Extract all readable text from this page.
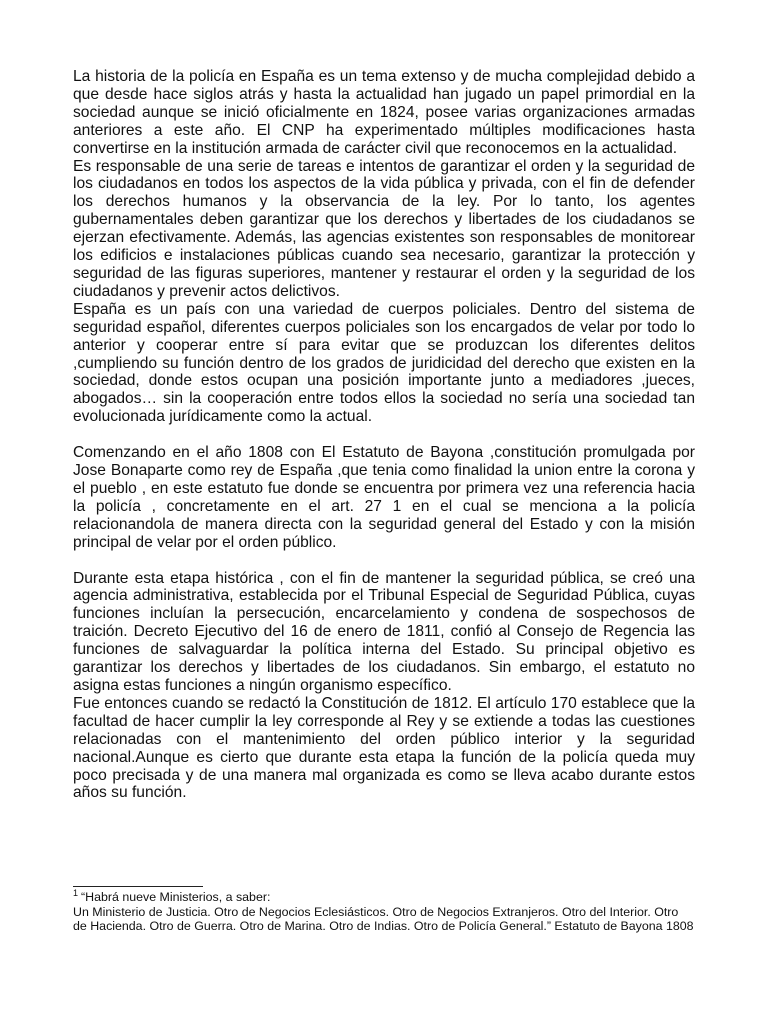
La historia de la policía en España es un tema extenso y de mucha complejidad debido a que desde hace siglos atrás y hasta la actualidad han jugado un papel primordial en la sociedad aunque se inició oficialmente en 1824, posee varias organizaciones armadas anteriores a este año. El CNP ha experimentado múltiples modificaciones hasta convertirse en la institución armada de carácter civil que reconocemos en la actualidad.

Es responsable de una serie de tareas e intentos de garantizar el orden y la seguridad de los ciudadanos en todos los aspectos de la vida pública y privada, con el fin de defender los derechos humanos y la observancia de la ley. Por lo tanto, los agentes gubernamentales deben garantizar que los derechos y libertades de los ciudadanos se ejerzan efectivamente. Además, las agencias existentes son responsables de monitorear los edificios e instalaciones públicas cuando sea necesario, garantizar la protección y seguridad de las figuras superiores, mantener y restaurar el orden y la seguridad de los ciudadanos y prevenir actos delictivos.

España es un país con una variedad de cuerpos policiales. Dentro del sistema de seguridad español, diferentes cuerpos policiales son los encargados de velar por todo lo anterior y cooperar entre sí para evitar que se produzcan los diferentes delitos ,cumpliendo su función dentro de los grados de juridicidad del derecho que existen en la sociedad, donde estos ocupan una posición importante junto a mediadores ,jueces, abogados… sin la cooperación entre todos ellos la sociedad no sería una sociedad tan evolucionada jurídicamente como la actual.

Comenzando en el año 1808 con El Estatuto de Bayona ,constitución promulgada por Jose Bonaparte como rey de España ,que tenia como finalidad la union entre la corona y el pueblo , en este estatuto fue donde se encuentra por primera vez una referencia hacia la policía , concretamente en el art. 27 1 en el cual se menciona a la policía relacionandola de manera directa con la seguridad general del Estado y con la misión principal de velar por el orden público.

Durante esta etapa histórica , con el fin de mantener la seguridad pública, se creó una agencia administrativa, establecida por el Tribunal Especial de Seguridad Pública, cuyas funciones incluían la persecución, encarcelamiento y condena de sospechosos de traición. Decreto Ejecutivo del 16 de enero de 1811, confió al Consejo de Regencia las funciones de salvaguardar la política interna del Estado. Su principal objetivo es garantizar los derechos y libertades de los ciudadanos. Sin embargo, el estatuto no asigna estas funciones a ningún organismo específico.

Fue entonces cuando se redactó la Constitución de 1812. El artículo 170 establece que la facultad de hacer cumplir la ley corresponde al Rey y se extiende a todas las cuestiones relacionadas con el mantenimiento del orden público interior y la seguridad nacional.Aunque es cierto que durante esta etapa la función de la policía queda muy poco precisada y de una manera mal organizada es como se lleva acabo durante estos años su función.

$^1$ “Habrá nueve Ministerios, a saber:

Un Ministerio de Justicia. Otro de Negocios Eclesiásticos. Otro de Negocios Extranjeros. Otro del Interior. Otro de Hacienda. Otro de Guerra. Otro de Marina. Otro de Indias. Otro de Policía General.” Estatuto de Bayona 1808
